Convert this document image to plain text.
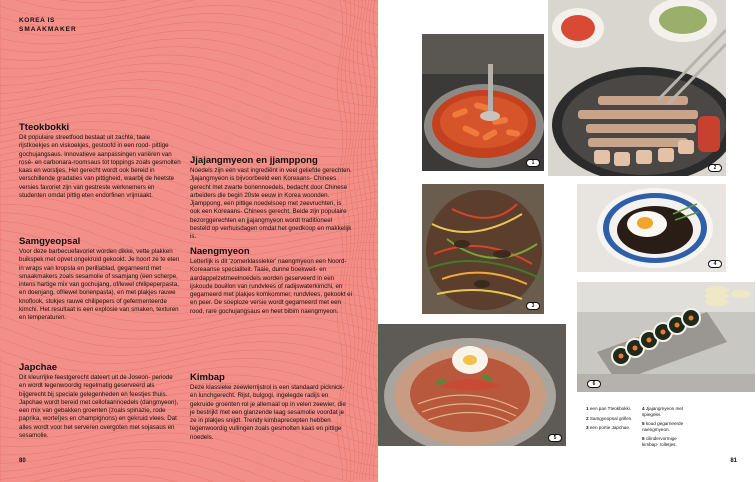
KOREA IS
SMAAKMAKER
Tteokbokki

Dit populaire streetfood bestaat uit zachte, taaie rijstkoekjes en viskoekjes, gestoofd in een rood- pittige gochujangsaus. Innovatieve aanpassingen variëren van rosé- en carbonara-roomsaus tot toppings zoals gesmolten kaas en worstjes. Het gerecht wordt ook bereid in verschillende gradaties van pittigheid, waarbij de heetste versies favoriet zijn van gestreste werknemers en studenten omdat pittig eten endorfinen vrijmaakt.

Samgyeopsal

Voor deze barbecuefavoriet worden dikke, vette plakken buikspek met opvet ongekruid gekookt. Je hoort ze te eten in wraps van kropsla en perillablad, gegarneerd met smaakmakers zoals sesamolie of ssamjang (een scherpe, intens hartige mix van gochujang, of/lewel chilipeperpasta, en doenjang, of/lewel bonenpasta), en met plakjes rauwe knoflook, stukjes rauwe chilipepers of gefermenteerde kimchi. Het resultaat is een explosie van smaken, texturen en temperaturen.

Japchae

Dit kleurrijke feestgerecht dateert uit de Joseon- periode en wordt tegenwoordig regelmatig geserveerd als bijgerecht bij speciale gelegenheden en feestjes thuis. Japchae wordt bereid met cellofaannoedels (dangmyeon), een mix van gebakken groenten (zoals spinazie, rode paprika, wortel)es en champignons) en gekruid vlees. Dat alles wordt voor het serveren overgoten met sojasaus en sesamolie.

Jjajangmyeon en jjamppong

Noedels zijn een vast ingrediënt in veel geliefde gerechten. Jjajangmyeon is bijvoorbeeld een Koreaans- Chinees gerecht met zwarte bonennoedels, bedacht door Chinese arbeiders die begin 20ste eeuw in Korea woonden. Jjamppong, een pittige noedelsoep met zeevruchten, is ook een Koreaans- Chinees gerecht. Beide zijn populaire bezorggerechten en jjajangmyeon wordt traditioneel besteld op verhuisdagen omdat het goedkoop en makkelijk is.

Naengmyeon

Letterlijk is dit 'zomerklassieker' naengmyeon een Noord- Koreaanse specialiteit. Taaie, dunne boekweit- en aardappelzetmeelnoedels worden geserveerd in een ijskoude bouillon van rundvlees of radijswaterkimchi, en gegarneerd met plakjes komkommer, rundvlees, gekookt ei en peer. De soeploze versie wordt gegarneerd met een rood, rare gochujangsaus en heet bibim naengmyeon.

Kimbap

Deze klassieke zeewierrijstrol is een standaard picknick- en lunchgerecht. Rijst, bulgogi, ingelegde radijs en gekruide groenten rol je allemaal op in velen zeewier, die je bestrijkt met een glanzende laag sesamolie voordat je ze in plakjes snijdt. Trendy kimbaprecepten hebben tegenwoordig vullingen zoals gesmolten kaas en pittige noedels.

80
1
2
3
4
5
6
1 een pan Tteokbokki.
2 Samgyeopsal grillen.
3 een portie Japchae.
4 Jjajangmyeon met spiegelei.
5 koud gegarneerde naengmyeon.
6 cilindervormige kimbap- rolletjes.
81
